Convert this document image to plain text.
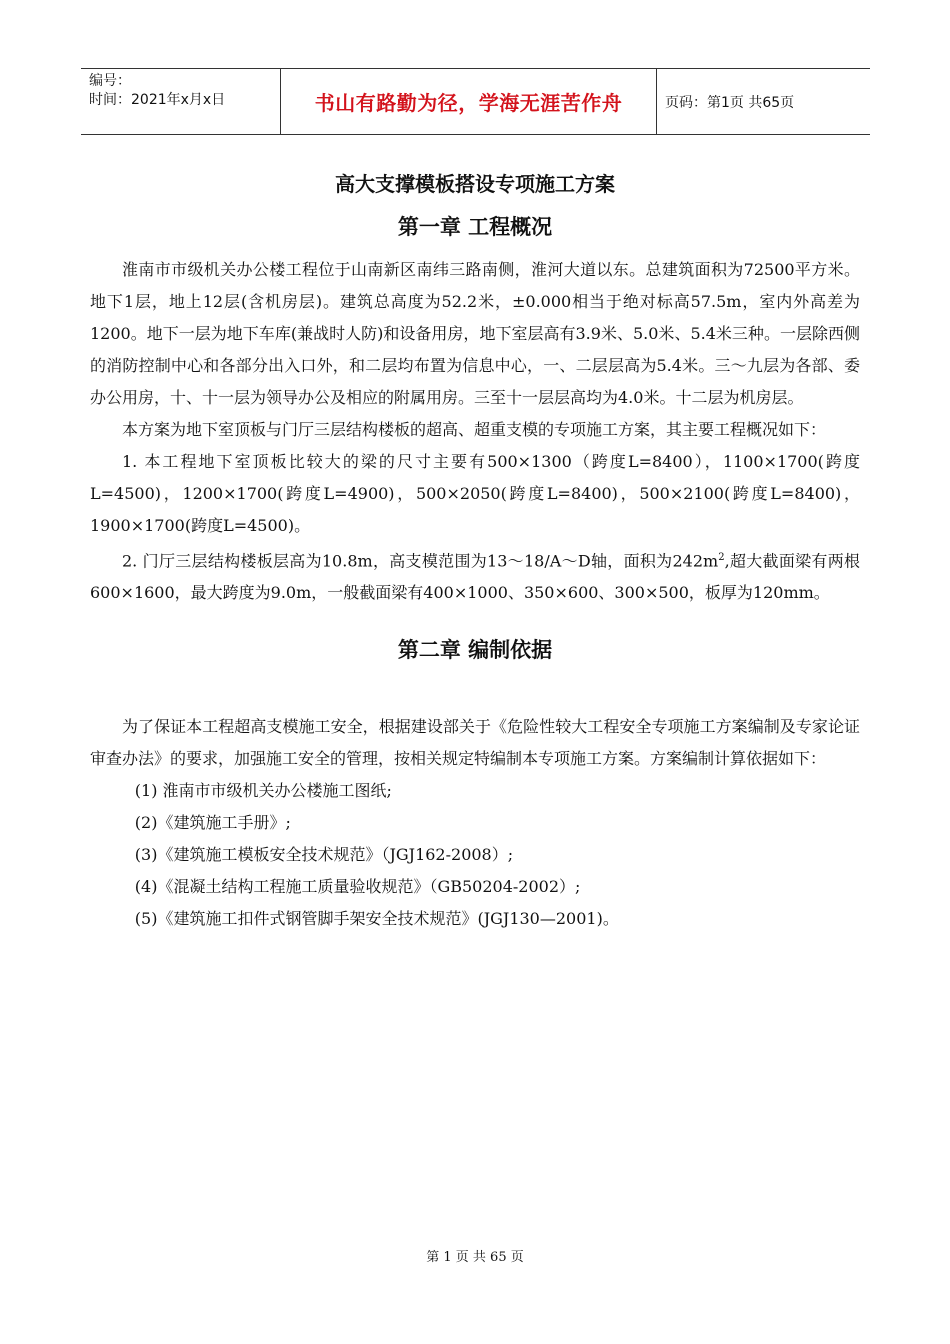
编号：
时间：2021年x月x日	书山有路勤为径，学海无涯苦作舟	页码：第1页 共65页
高大支撑模板搭设专项施工方案
第一章 工程概况

淮南市市级机关办公楼工程位于山南新区南纬三路南侧，淮河大道以东。总建筑面积为72500平方米。地下1层，地上12层(含机房层)。建筑总高度为52.2米，±0.000相当于绝对标高57.5m，室内外高差为1200。地下一层为地下车库(兼战时人防)和设备用房，地下室层高有3.9米、5.0米、5.4米三种。一层除西侧的消防控制中心和各部分出入口外，和二层均布置为信息中心，一、二层层高为5.4米。三～九层为各部、委办公用房，十、十一层为领导办公及相应的附属用房。三至十一层层高均为4.0米。十二层为机房层。

本方案为地下室顶板与门厅三层结构楼板的超高、超重支模的专项施工方案，其主要工程概况如下：

1. 本工程地下室顶板比较大的梁的尺寸主要有500×1300（跨度L=8400），1100×1700(跨度L=4500)，1200×1700(跨度L=4900)，500×2050(跨度L=8400)，500×2100(跨度L=8400)，1900×1700(跨度L=4500)。

2. 门厅三层结构楼板层高为10.8m，高支模范围为13～18/A～D轴，面积为$242m^2$,超大截面梁有两根600×1600，最大跨度为9.0m，一般截面梁有400×1000、350×600、300×500，板厚为120mm。

第二章 编制依据

为了保证本工程超高支模施工安全，根据建设部关于《危险性较大工程安全专项施工方案编制及专家论证审查办法》的要求，加强施工安全的管理，按相关规定特编制本专项施工方案。方案编制计算依据如下：

(1) 淮南市市级机关办公楼施工图纸;

(2)《建筑施工手册》;

(3)《建筑施工模板安全技术规范》（JGJ162-2008）;

(4)《混凝土结构工程施工质量验收规范》（GB50204-2002）;

(5)《建筑施工扣件式钢管脚手架安全技术规范》(JGJ130—2001)。

第 1 页 共 65 页
